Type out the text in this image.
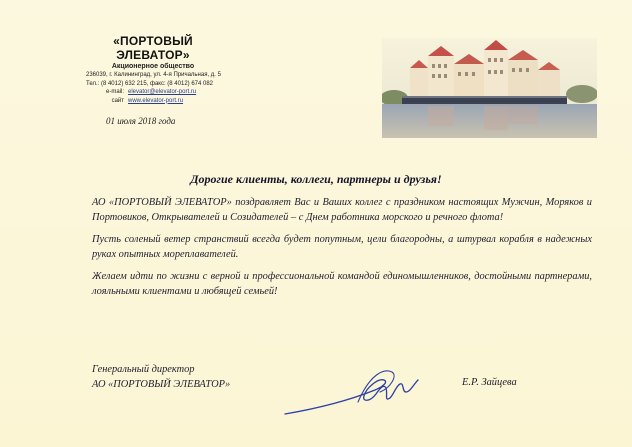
«ПОРТОВЫЙ ЭЛЕВАТОР»
Акционерное общество
236039, г. Калининград, ул. 4-я Причальная, д. 5
Тел.: (8 4012) 632 215, факс: (8 4012) 674 082
e-mail: elevator@elevator-port.ru
сайт www.elevator-port.ru
01 июля 2018 года
Дорогие клиенты, коллеги, партнеры и друзья!

АО «ПОРТОВЫЙ ЭЛЕВАТОР» поздравляет Вас и Ваших коллег с праздником настоящих Мужчин, Моряков и Портовиков, Открывателей и Созидателей – с Днем работника морского и речного флота!

Пусть соленый ветер странствий всегда будет попутным, цели благородны, а штурвал корабля в надежных руках опытных мореплавателей.

Желаем идти по жизни с верной и профессиональной командой единомышленников, достойными партнерами, лояльными клиентами и любящей семьей!

Генеральный директор
АО «ПОРТОВЫЙ ЭЛЕВАТОР»	Е.Р. Зайцева
